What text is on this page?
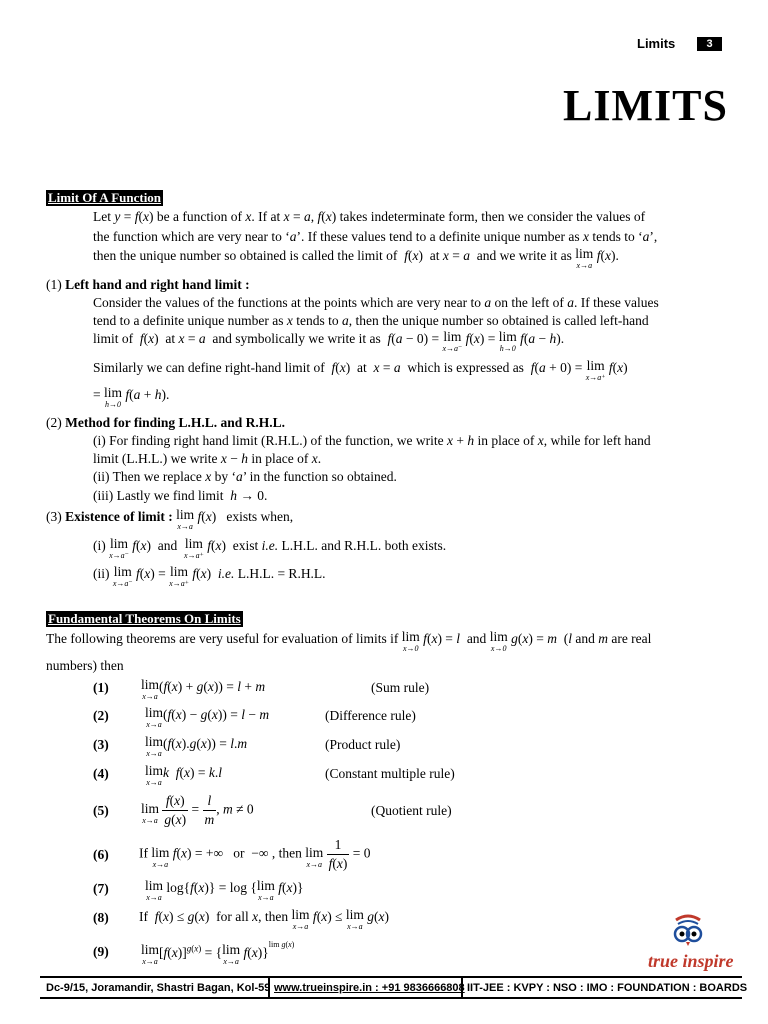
Limits	3
LIMITS
Limit Of A Function
Let y = f(x) be a function of x. If at x = a, f(x) takes indeterminate form, then we consider the values of
the function which are very near to ‘a’. If these values tend to a definite unique number as x tends to ‘a’,
then the unique number so obtained is called the limit of  f(x)  at x = a  and we write it as lim
x→a
f(x).
(1) Left hand and right hand limit :
Consider the values of the functions at the points which are very near to a on the left of a. If these values
tend to a definite unique number as x tends to a, then the unique number so obtained is called left-hand
limit of  f(x)  at x = a  and symbolically we write it as  f(a − 0) = lim
x→a⁻
f(x) = lim
h→0
f(a − h).
Similarly we can define right-hand limit of  f(x)  at  x = a  which is expressed as  f(a + 0) = lim
x→a⁺
f(x)
= lim
h→0
f(a + h).
(2) Method for finding L.H.L. and R.H.L.
(i) For finding right hand limit (R.H.L.) of the function, we write x + h in place of x, while for left hand
limit (L.H.L.) we write x − h in place of x.
(ii) Then we replace x by ‘a’ in the function so obtained.
(iii) Lastly we find limit  h → 0.
(3) Existence of limit : lim
x→a
f(x)   exists when,
(i) lim
x→a⁻
f(x)  and  lim
x→a⁺
f(x)  exist i.e. L.H.L. and R.H.L. both exists.
(ii) lim
x→a⁻
f(x) = lim
x→a⁺
f(x)  i.e. L.H.L. = R.H.L.
Fundamental Theorems On Limits
The following theorems are very useful for evaluation of limits if lim
x→0
f(x) = l and lim
x→0
g(x) = m  (l and m are real
numbers) then
(1) lim
x→a
(f(x) + g(x)) = l + m	(Sum rule)
(2)	lim
x→a
(f(x) − g(x)) = l − m	(Difference rule)
(3)	lim
x→a
(f(x).g(x)) = l.m	(Product rule)
(4)	lim
x→a
k f(x) = k.l	(Constant multiple rule)
(5) lim
x→a
$\frac{f(x)}{g(x)} = \frac{l}{m}$ , m ≠ 0	(Quotient rule)
(6) If lim
x→a
f(x) = +∞   or  −∞ , then lim
x→a
$\frac{1}{f(x)} = 0$
(7)	lim
x→a
log{f(x)} = log {lim
x→a
f(x)}
(8) If  f(x) ≤ g(x)  for all x, then lim
x→a
f(x) ≤ lim
x→a
g(x)
(9) lim
x→a
$[f(x)]^{g(x)} = \{\lim$
x→a
f(x)}$^{lim g(x)}$
true inspire
Dc-9/15, Joramandir, Shastri Bagan, Kol-59 www.trueinspire.in : +91 9836666808 IIT-JEE : KVPY : NSO : IMO : FOUNDATION : BOARDS
